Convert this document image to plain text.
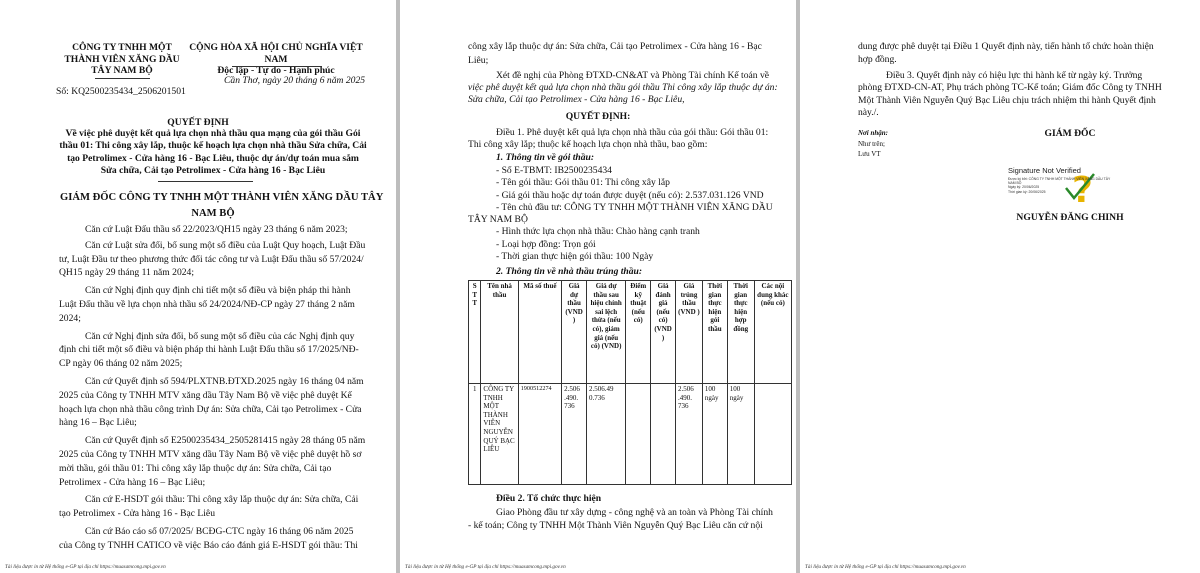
CÔNG TY TNHH MỘT
THÀNH VIÊN XĂNG DẦU
TÂY NAM BỘ
CỘNG HÒA XÃ HỘI CHỦ NGHĨA VIỆT NAM
Độc lập - Tự do - Hạnh phúc
Cần Thơ, ngày 20 tháng 6 năm 2025
Số: KQ2500235434_2506201501
QUYẾT ĐỊNH
Về việc phê duyệt kết quả lựa chọn nhà thầu qua mạng của gói thầu Gói
thầu 01: Thi công xây lắp, thuộc kế hoạch lựa chọn nhà thầu Sửa chữa, Cải
tạo Petrolimex - Cửa hàng 16 - Bạc Liêu, thuộc dự án/dự toán mua sắm
Sửa chữa, Cải tạo Petrolimex - Cửa hàng 16 - Bạc Liêu
GIÁM ĐỐC CÔNG TY TNHH MỘT THÀNH VIÊN XĂNG DẦU TÂY
NAM BỘ
Căn cứ Luật Đấu thầu số 22/2023/QH15 ngày 23 tháng 6 năm 2023;
Căn cứ Luật sửa đổi, bổ sung một số điều của Luật Quy hoạch, Luật Đầu
tư, Luật Đầu tư theo phương thức đối tác công tư và Luật Đấu thầu số 57/2024/
QH15 ngày 29 tháng 11 năm 2024;
Căn cứ Nghị định quy định chi tiết một số điều và biện pháp thi hành
Luật Đấu thầu về lựa chọn nhà thầu số 24/2024/NĐ-CP ngày 27 tháng 2 năm
2024;
Căn cứ Nghị định sửa đổi, bổ sung một số điều của các Nghị định quy
định chi tiết một số điều và biện pháp thi hành Luật Đấu thầu số 17/2025/NĐ-
CP ngày 06 tháng 02 năm 2025;
Căn cứ Quyết định số 594/PLXTNB.ĐTXD.2025 ngày 16 tháng 04 năm
2025 của Công ty TNHH MTV xăng dầu Tây Nam Bộ về việc phê duyệt Kế
hoạch lựa chọn nhà thầu công trình Dự án: Sửa chữa, Cải tạo Petrolimex - Cửa
hàng 16 – Bạc Liêu;
Căn cứ Quyết định số E2500235434_2505281415 ngày 28 tháng 05 năm
2025 của Công ty TNHH MTV xăng dầu Tây Nam Bộ về việc phê duyệt hồ sơ
mời thầu, gói thầu 01: Thi công xây lắp thuộc dự án: Sửa chữa, Cải tạo
Petrolimex - Cửa hàng 16 – Bạc Liêu;
Căn cứ E-HSDT gói thầu: Thi công xây lắp thuộc dự án: Sửa chữa, Cải
tạo Petrolimex - Cửa hàng 16 - Bạc Liêu
Căn cứ Báo cáo số 07/2025/ BCĐG-CTC ngày 16 tháng 06 năm 2025
của Công ty TNHH CATICO về việc Báo cáo đánh giá E-HSDT gói thầu: Thi
Tài liệu được in từ Hệ thống e-GP tại địa chỉ https://muasamcong.mpi.gov.vn
công xây lắp thuộc dự án: Sửa chữa, Cải tạo Petrolimex - Cửa hàng 16 - Bạc
Liêu;
Xét đề nghị của Phòng ĐTXD-CN&AT và Phòng Tài chính Kế toán về
việc phê duyệt kết quả lựa chọn nhà thầu gói thầu Thi công xây lắp thuộc dự án:
Sửa chữa, Cải tạo Petrolimex - Cửa hàng 16 - Bạc Liêu,
QUYẾT ĐỊNH:
Điều 1. Phê duyệt kết quả lựa chọn nhà thầu của gói thầu: Gói thầu 01:
Thi công xây lắp; thuộc kế hoạch lựa chọn nhà thầu, bao gồm:
1. Thông tin về gói thầu:
- Số E-TBMT: IB2500235434
- Tên gói thầu: Gói thầu 01: Thi công xây lắp
- Giá gói thầu hoặc dự toán được duyệt (nếu có): 2.537.031.126 VND
- Tên chủ đầu tư: CÔNG TY TNHH MỘT THÀNH VIÊN XĂNG DẦU
TÂY NAM BỘ
- Hình thức lựa chọn nhà thầu: Chào hàng cạnh tranh
- Loại hợp đồng: Trọn gói
- Thời gian thực hiện gói thầu: 100 Ngày
2. Thông tin về nhà thầu trúng thầu:
S T T	Tên nhà thầu	Mã số thuế	Giá dự thầu (VND )	Giá dự thầu sau hiệu chỉnh sai lệch thừa (nếu có), giảm giá (nếu có) (VND)	Điểm kỹ thuật (nếu có)	Giá đánh giá (nếu có) (VND )	Giá trúng thầu (VND )	Thời gian thực hiện gói thầu	Thời gian thực hiện hợp đồng	Các nội dung khác (nếu có)
1	CÔNG TY TNHH MỘT THÀNH VIÊN NGUYỄN QUÝ BẠC LIÊU	1900512274	2.506 .490. 736	2.506.49 0.736			2.506 .490. 736	100 ngày	100 ngày	
Điều 2. Tổ chức thực hiện
Giao Phòng đầu tư xây dựng - công nghệ và an toàn và Phòng Tài chính
- kế toán; Công ty TNHH Một Thành Viên Nguyễn Quý Bạc Liêu căn cứ nội
Tài liệu được in từ Hệ thống e-GP tại địa chỉ https://muasamcong.mpi.gov.vn
dung được phê duyệt tại Điều 1 Quyết định này, tiến hành tổ chức hoàn thiện
hợp đồng.
Điều 3. Quyết định này có hiệu lực thi hành kể từ ngày ký. Trưởng
phòng ĐTXD-CN-AT, Phụ trách phòng TC-Kế toán; Giám đốc Công ty TNHH
Một Thành Viên Nguyễn Quý Bạc Liêu chịu trách nhiệm thi hành Quyết định
này./.
Nơi nhận:
Như trên;
Lưu VT
GIÁM ĐỐC
?
Signature Not Verified
Được ký bởi: CÔNG TY TNHH MỘT THÀNH VIÊN XĂNG DẦU TÂY
NAM BỘ
Ngày ký: 20/06/2025
Thời gian ký: 20/06/2025
NGUYỄN ĐĂNG CHINH
Tài liệu được in từ Hệ thống e-GP tại địa chỉ https://muasamcong.mpi.gov.vn
